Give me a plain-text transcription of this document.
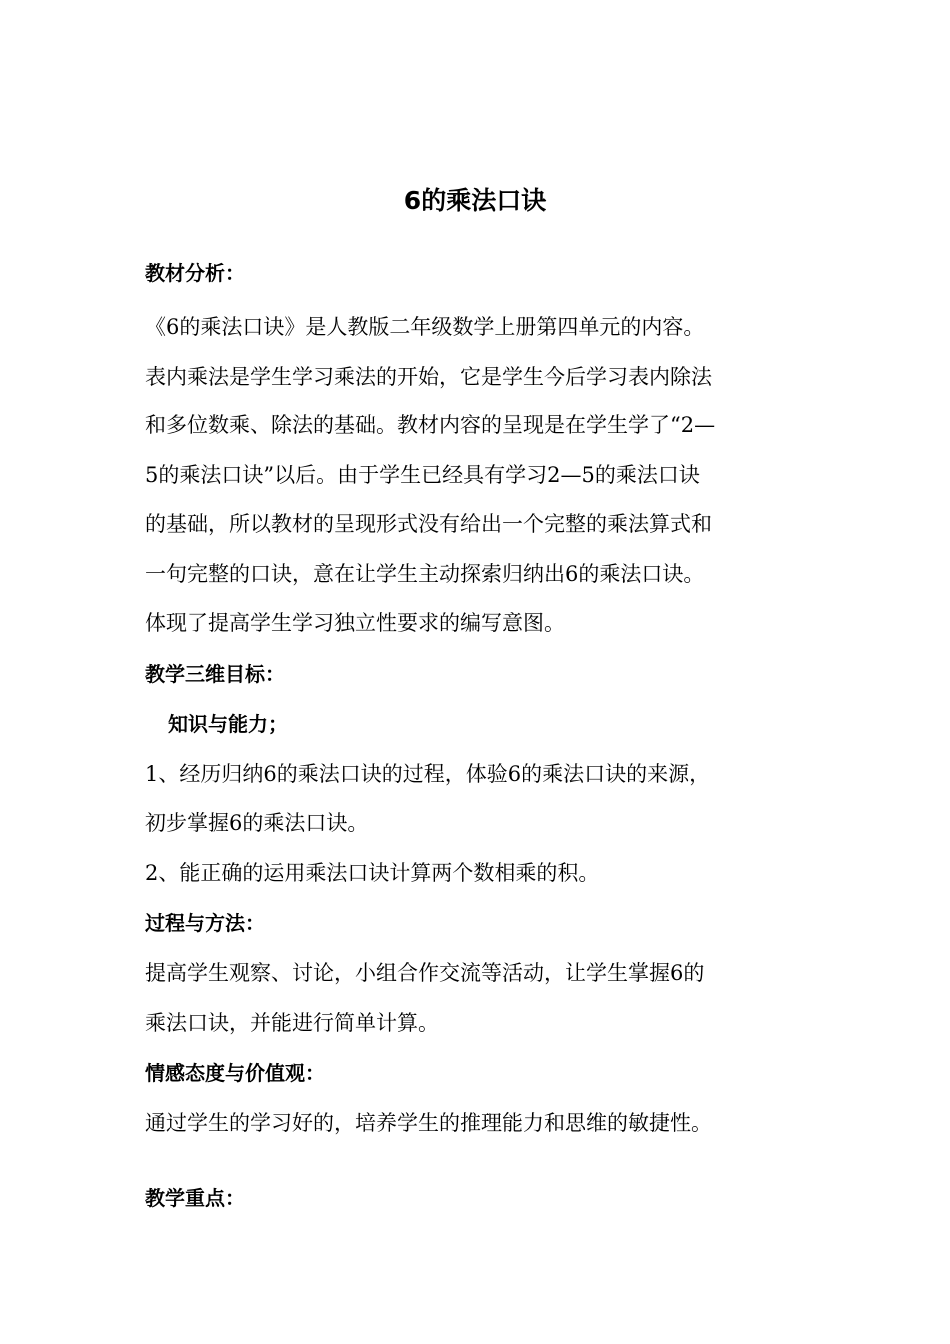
6的乘法口诀
教材分析：
《6的乘法口诀》是人教版二年级数学上册第四单元的内容。
表内乘法是学生学习乘法的开始，它是学生今后学习表内除法
和多位数乘、除法的基础。教材内容的呈现是在学生学了“2—
5的乘法口诀”以后。由于学生已经具有学习2—5的乘法口诀
的基础，所以教材的呈现形式没有给出一个完整的乘法算式和
一句完整的口诀，意在让学生主动探索归纳出6的乘法口诀。
体现了提高学生学习独立性要求的编写意图。
教学三维目标：
知识与能力；
1、经历归纳6的乘法口诀的过程，体验6的乘法口诀的来源，
初步掌握6的乘法口诀。
2、能正确的运用乘法口诀计算两个数相乘的积。
过程与方法：
提高学生观察、讨论，小组合作交流等活动，让学生掌握6的
乘法口诀，并能进行简单计算。
情感态度与价值观：
通过学生的学习好的，培养学生的推理能力和思维的敏捷性。
教学重点：
